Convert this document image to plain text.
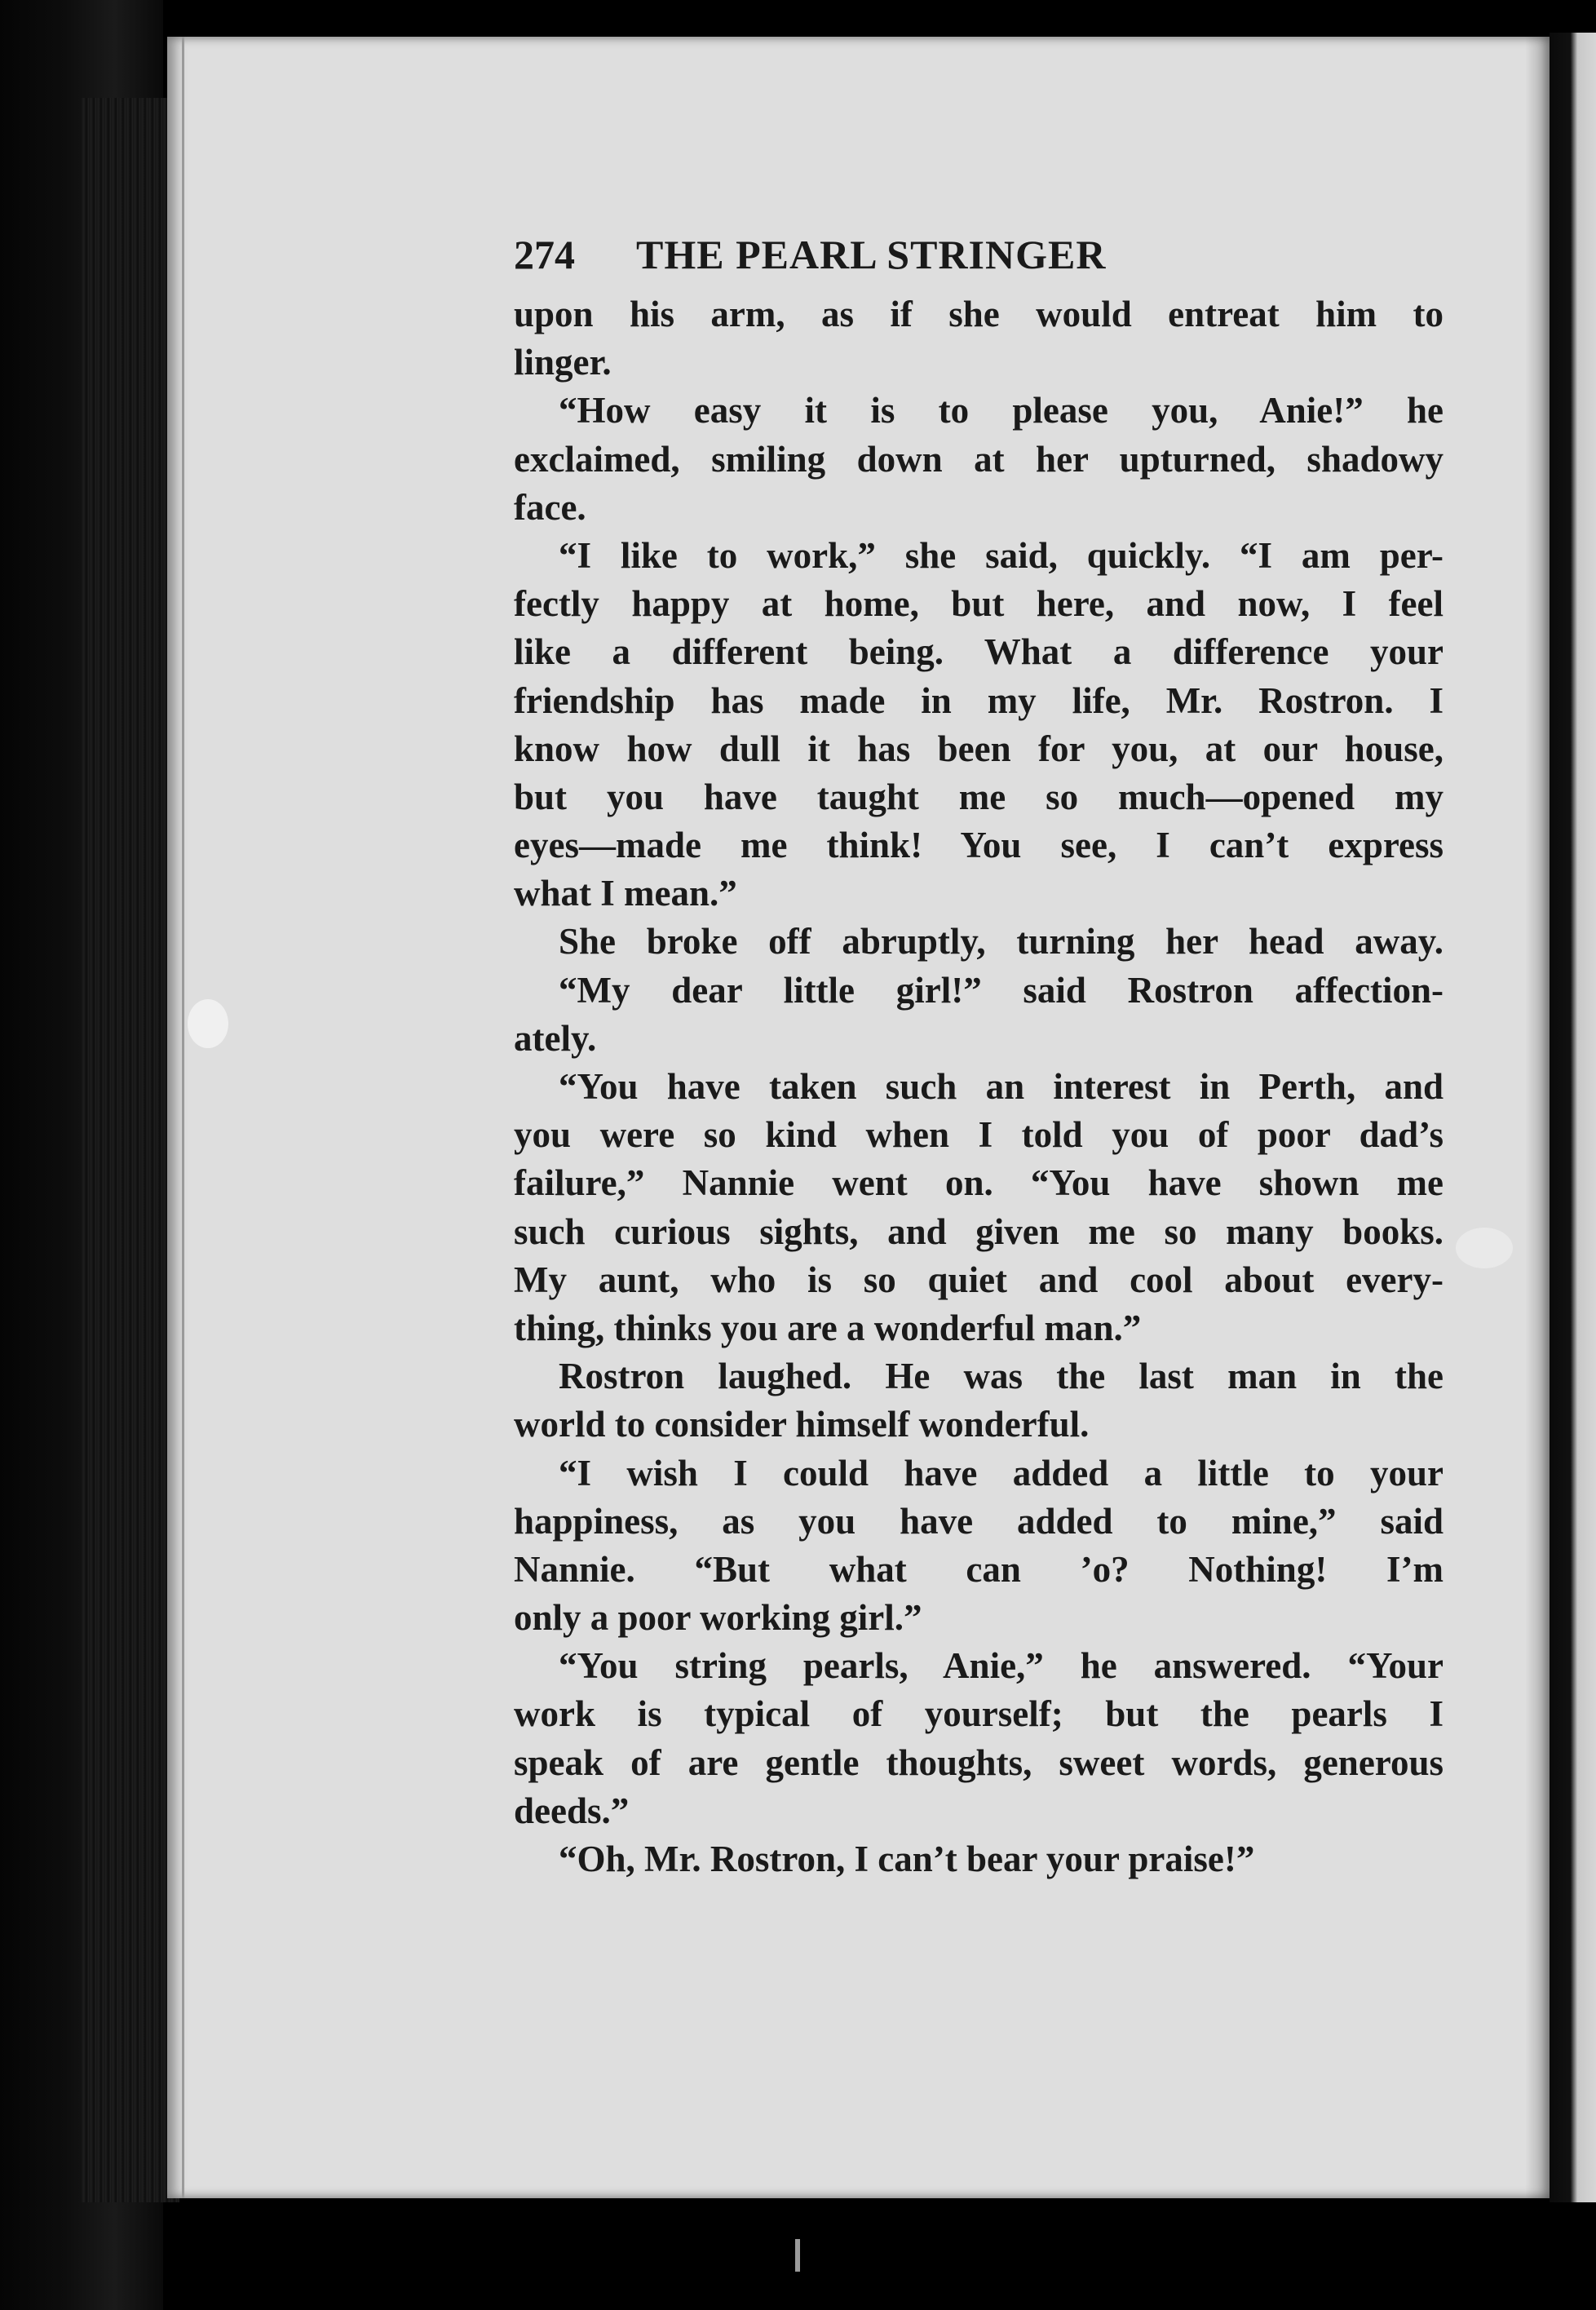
274	THE PEARL STRINGER
upon his arm, as if she would entreat him to
linger.
“How easy it is to please you, Anie!” he
exclaimed, smiling down at her upturned, shadowy
face.
“I like to work,” she said, quickly. “I am per-
fectly happy at home, but here, and now, I feel
like a different being. What a difference your
friendship has made in my life, Mr. Rostron. I
know how dull it has been for you, at our house,
but you have taught me so much—opened my
eyes—made me think! You see, I can’t express
what I mean.”
She broke off abruptly, turning her head away.
“My dear little girl!” said Rostron affection-
ately.
“You have taken such an interest in Perth, and
you were so kind when I told you of poor dad’s
failure,” Nannie went on. “You have shown me
such curious sights, and given me so many books.
My aunt, who is so quiet and cool about every-
thing, thinks you are a wonderful man.”
Rostron laughed. He was the last man in the
world to consider himself wonderful.
“I wish I could have added a little to your
happiness, as you have added to mine,” said
Nannie. “But what can ’o? Nothing! I’m
only a poor working girl.”
“You string pearls, Anie,” he answered. “Your
work is typical of yourself; but the pearls I
speak of are gentle thoughts, sweet words, generous
deeds.”
“Oh, Mr. Rostron, I can’t bear your praise!”
